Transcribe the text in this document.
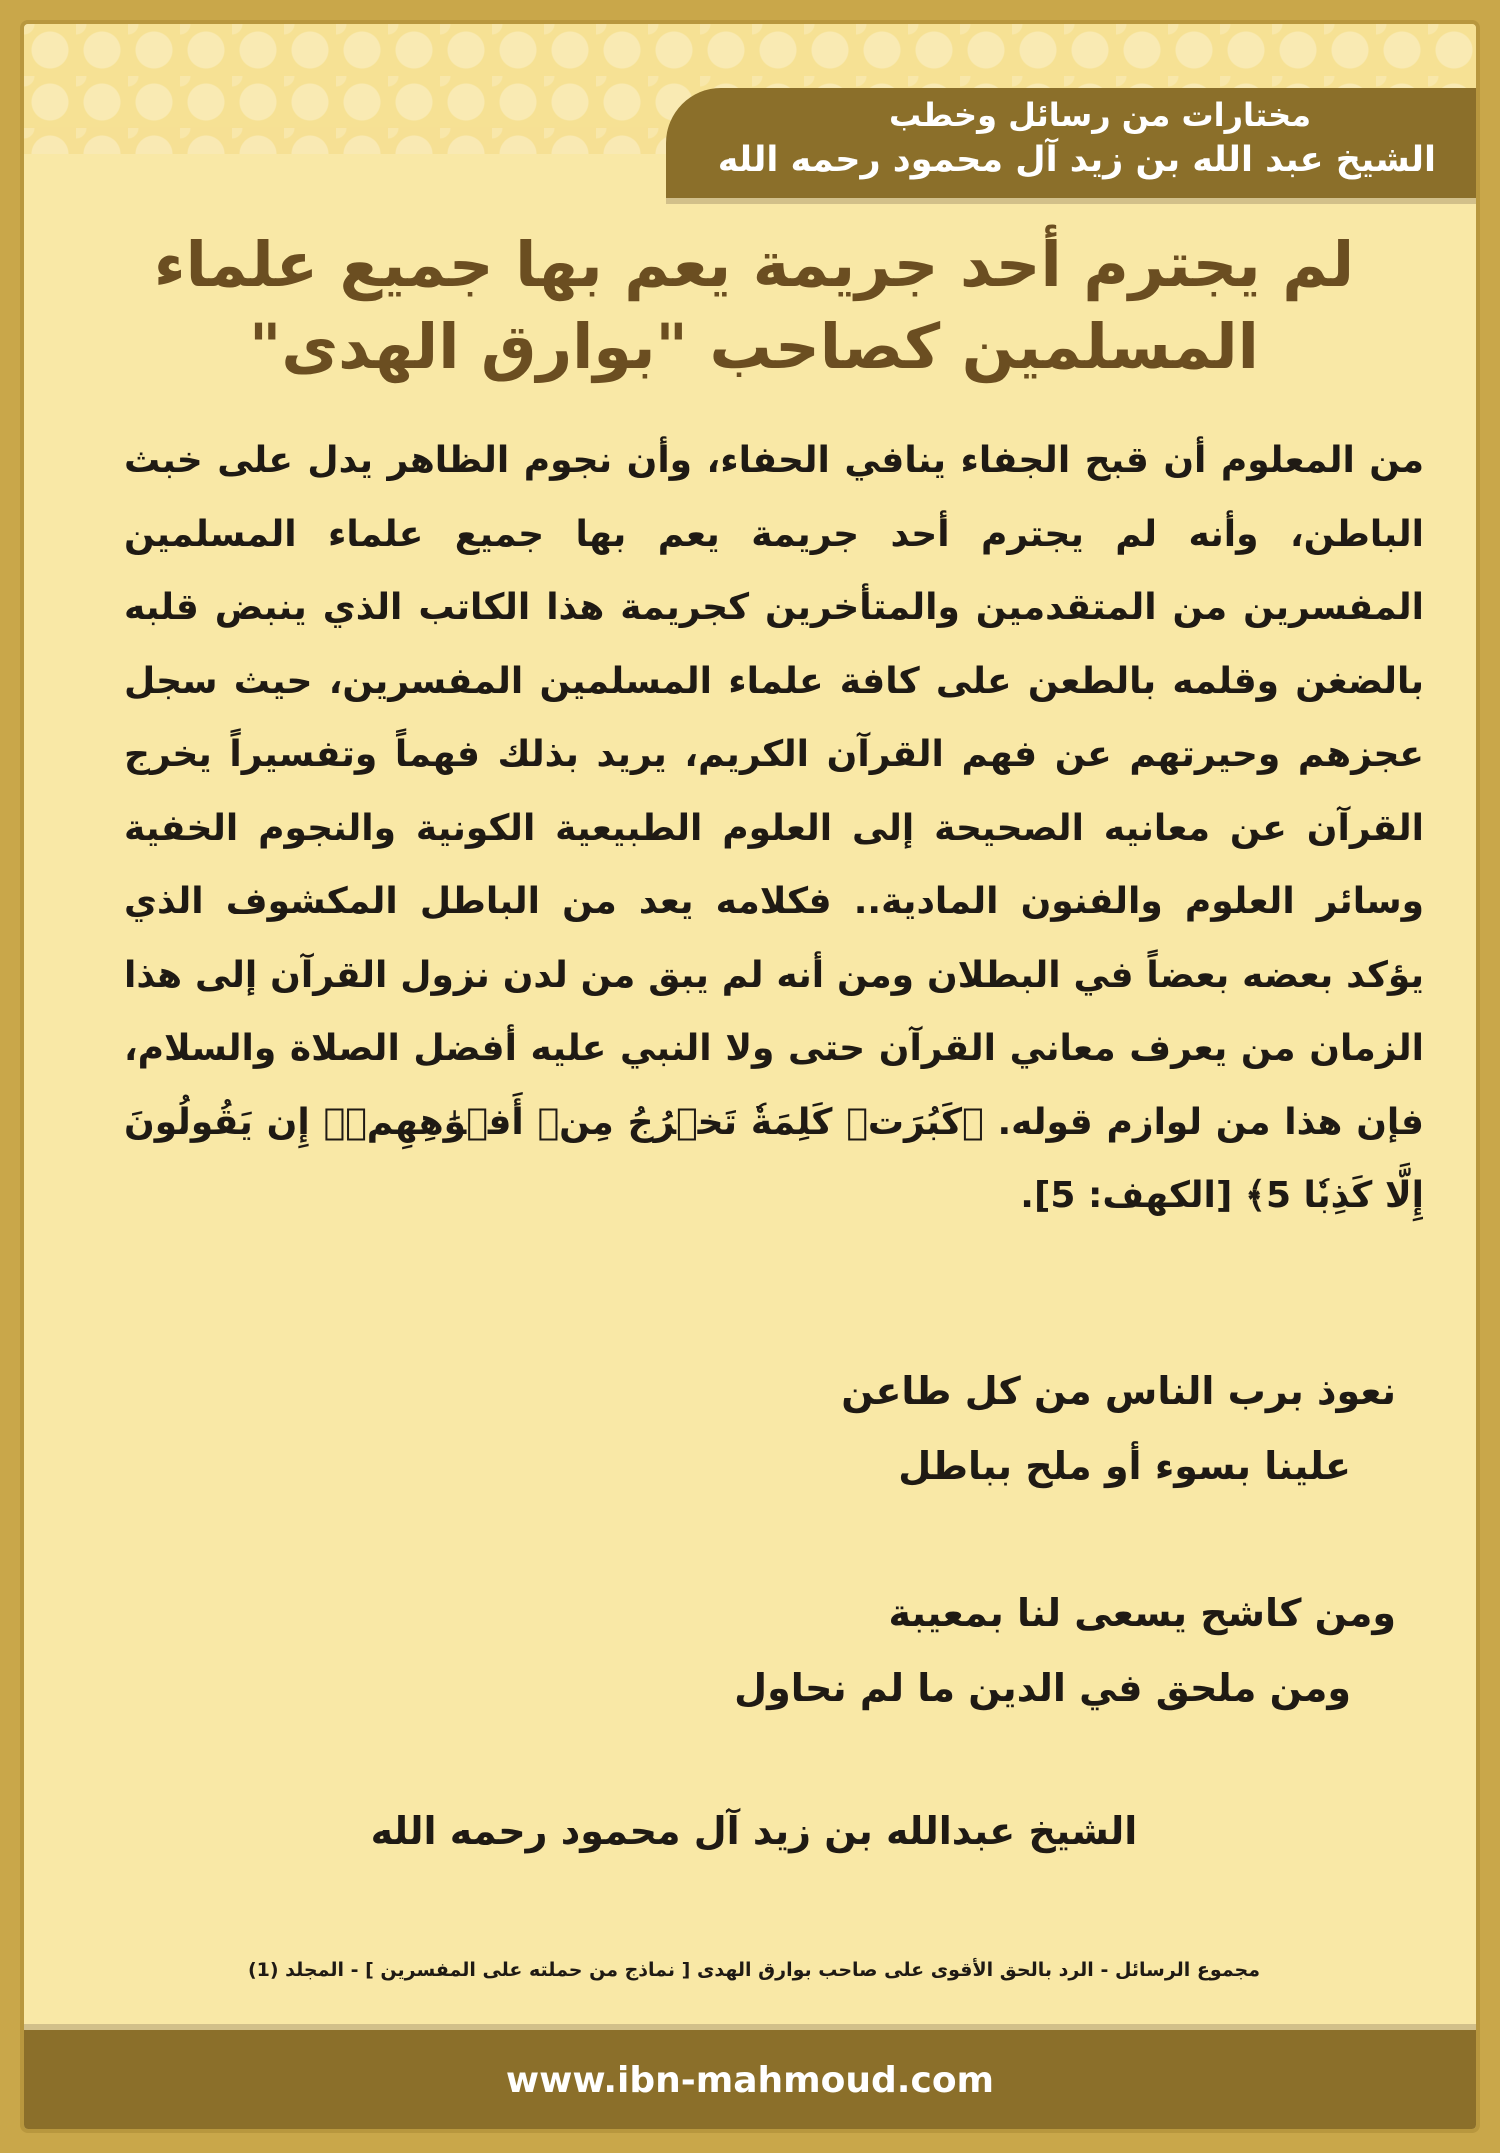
مختارات من رسائل وخطب
الشيخ عبد الله بن زيد آل محمود رحمه الله
لم يجترم أحد جريمة يعم بها جميع علماء
المسلمين كصاحب "بوارق الهدى"
من المعلوم أن قبح الجفاء ينافي الحفاء، وأن نجوم الظاهر يدل على خبث الباطن، وأنه لم يجترم أحد جريمة يعم بها جميع علماء المسلمين المفسرين من المتقدمين والمتأخرين كجريمة هذا الكاتب الذي ينبض قلبه بالضغن وقلمه بالطعن على كافة علماء المسلمين المفسرين، حيث سجل عجزهم وحيرتهم عن فهم القرآن الكريم، يريد بذلك فهماً وتفسيراً يخرج القرآن عن معانيه الصحيحة إلى العلوم الطبيعية الكونية والنجوم الخفية وسائر العلوم والفنون المادية.. فكلامه يعد من الباطل المكشوف الذي يؤكد بعضه بعضاً في البطلان ومن أنه لم يبق من لدن نزول القرآن إلى هذا الزمان من يعرف معاني القرآن حتى ولا النبي عليه أفضل الصلاة والسلام، فإن هذا من لوازم قوله. ﴿كَبُرَتۡ كَلِمَةٗ تَخۡرُجُ مِنۡ أَفۡوَٰهِهِمۡۚ إِن يَقُولُونَ إِلَّا كَذِبٗا 5﴾ [الكهف: 5].
نعوذ برب الناس من كل طاعن
علينا بسوء أو ملح بباطل
ومن كاشح يسعى لنا بمعيبة
ومن ملحق في الدين ما لم نحاول
الشيخ عبدالله بن زيد آل محمود رحمه الله
مجموع الرسائل - الرد بالحق الأقوى على صاحب بوارق الهدى [ نماذج من حملته على المفسرين ] - المجلد (1)
www.ibn-mahmoud.com
